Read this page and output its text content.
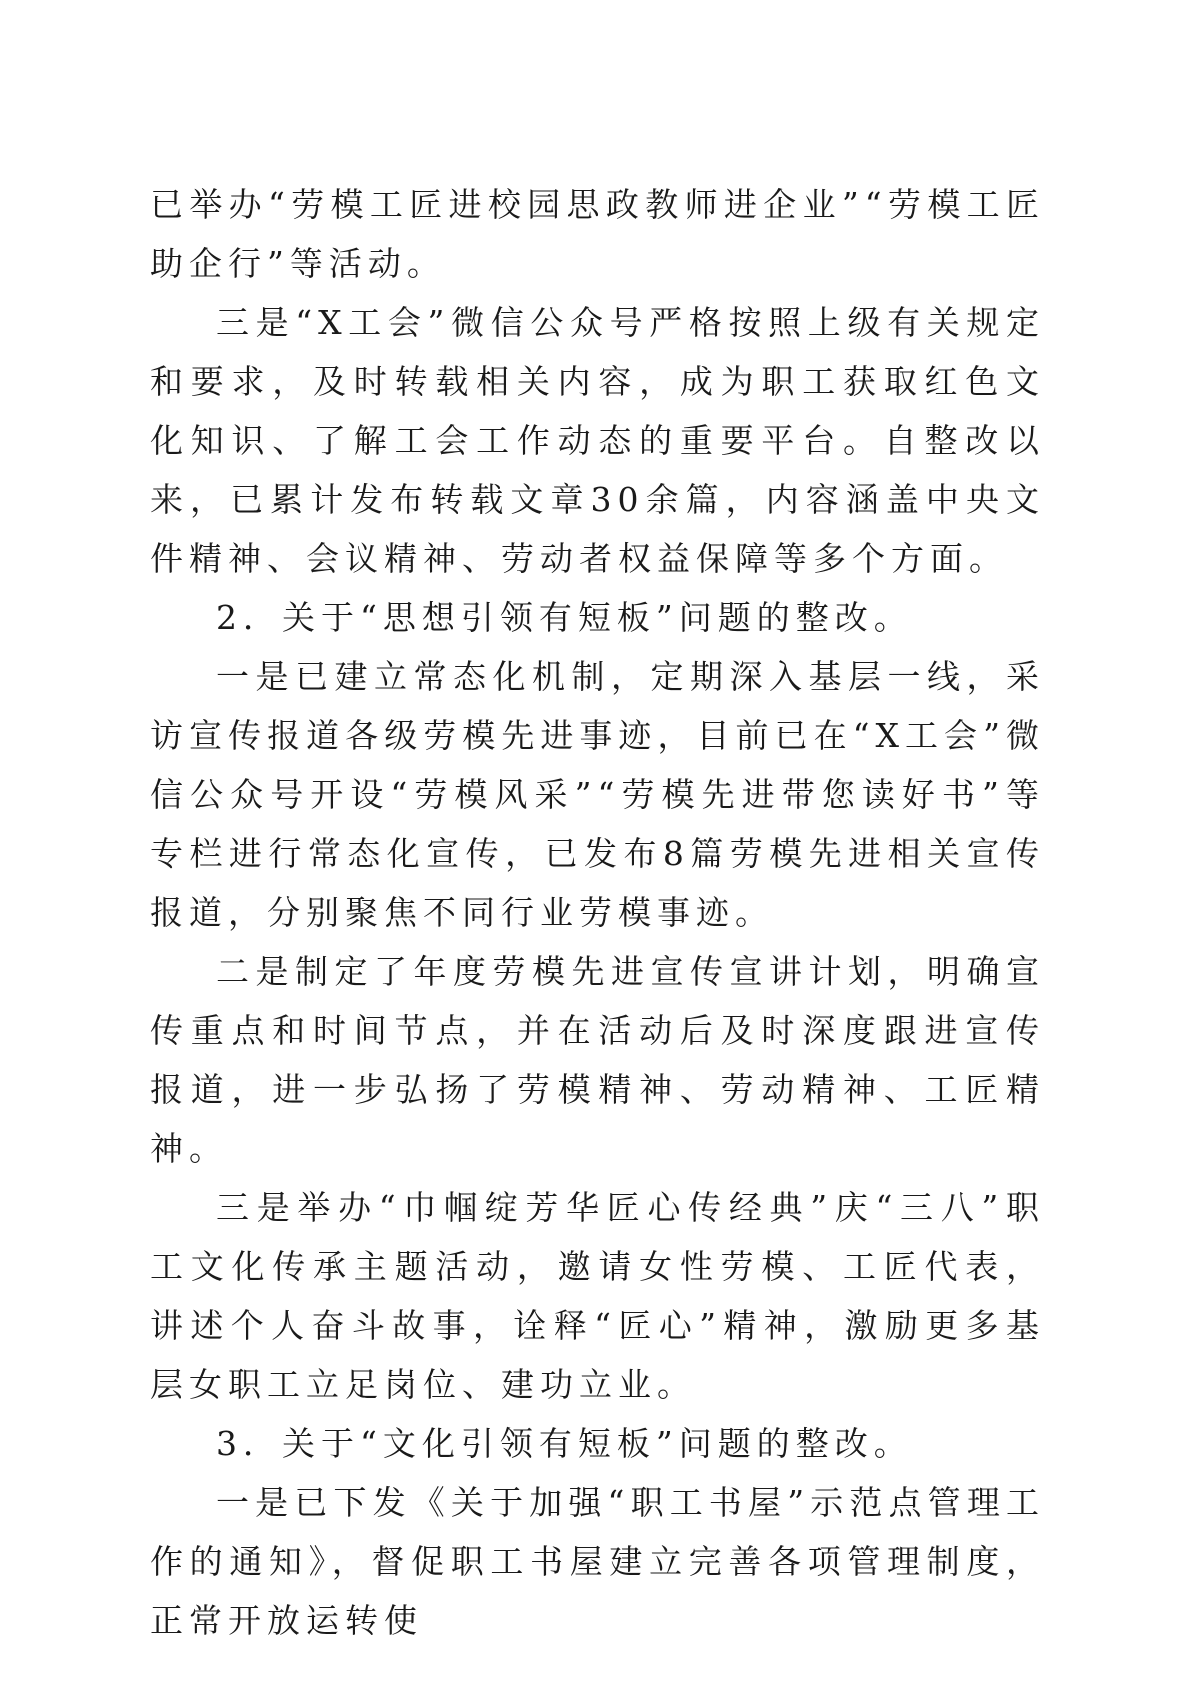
已举办“劳模工匠进校园思政教师进企业”“劳模工匠助企行”等活动。

三是“X工会”微信公众号严格按照上级有关规定和要求，及时转载相关内容，成为职工获取红色文化知识、了解工会工作动态的重要平台。自整改以来，已累计发布转载文章30余篇，内容涵盖中央文件精神、会议精神、劳动者权益保障等多个方面。

2．关于“思想引领有短板”问题的整改。

一是已建立常态化机制，定期深入基层一线，采访宣传报道各级劳模先进事迹，目前已在“X工会”微信公众号开设“劳模风采”“劳模先进带您读好书”等专栏进行常态化宣传，已发布8篇劳模先进相关宣传报道，分别聚焦不同行业劳模事迹。

二是制定了年度劳模先进宣传宣讲计划，明确宣传重点和时间节点，并在活动后及时深度跟进宣传报道，进一步弘扬了劳模精神、劳动精神、工匠精神。

三是举办“巾帼绽芳华匠心传经典”庆“三八”职工文化传承主题活动，邀请女性劳模、工匠代表，讲述个人奋斗故事，诠释“匠心”精神，激励更多基层女职工立足岗位、建功立业。

3．关于“文化引领有短板”问题的整改。

一是已下发《关于加强“职工书屋”示范点管理工作的通知》，督促职工书屋建立完善各项管理制度，正常开放运转使
